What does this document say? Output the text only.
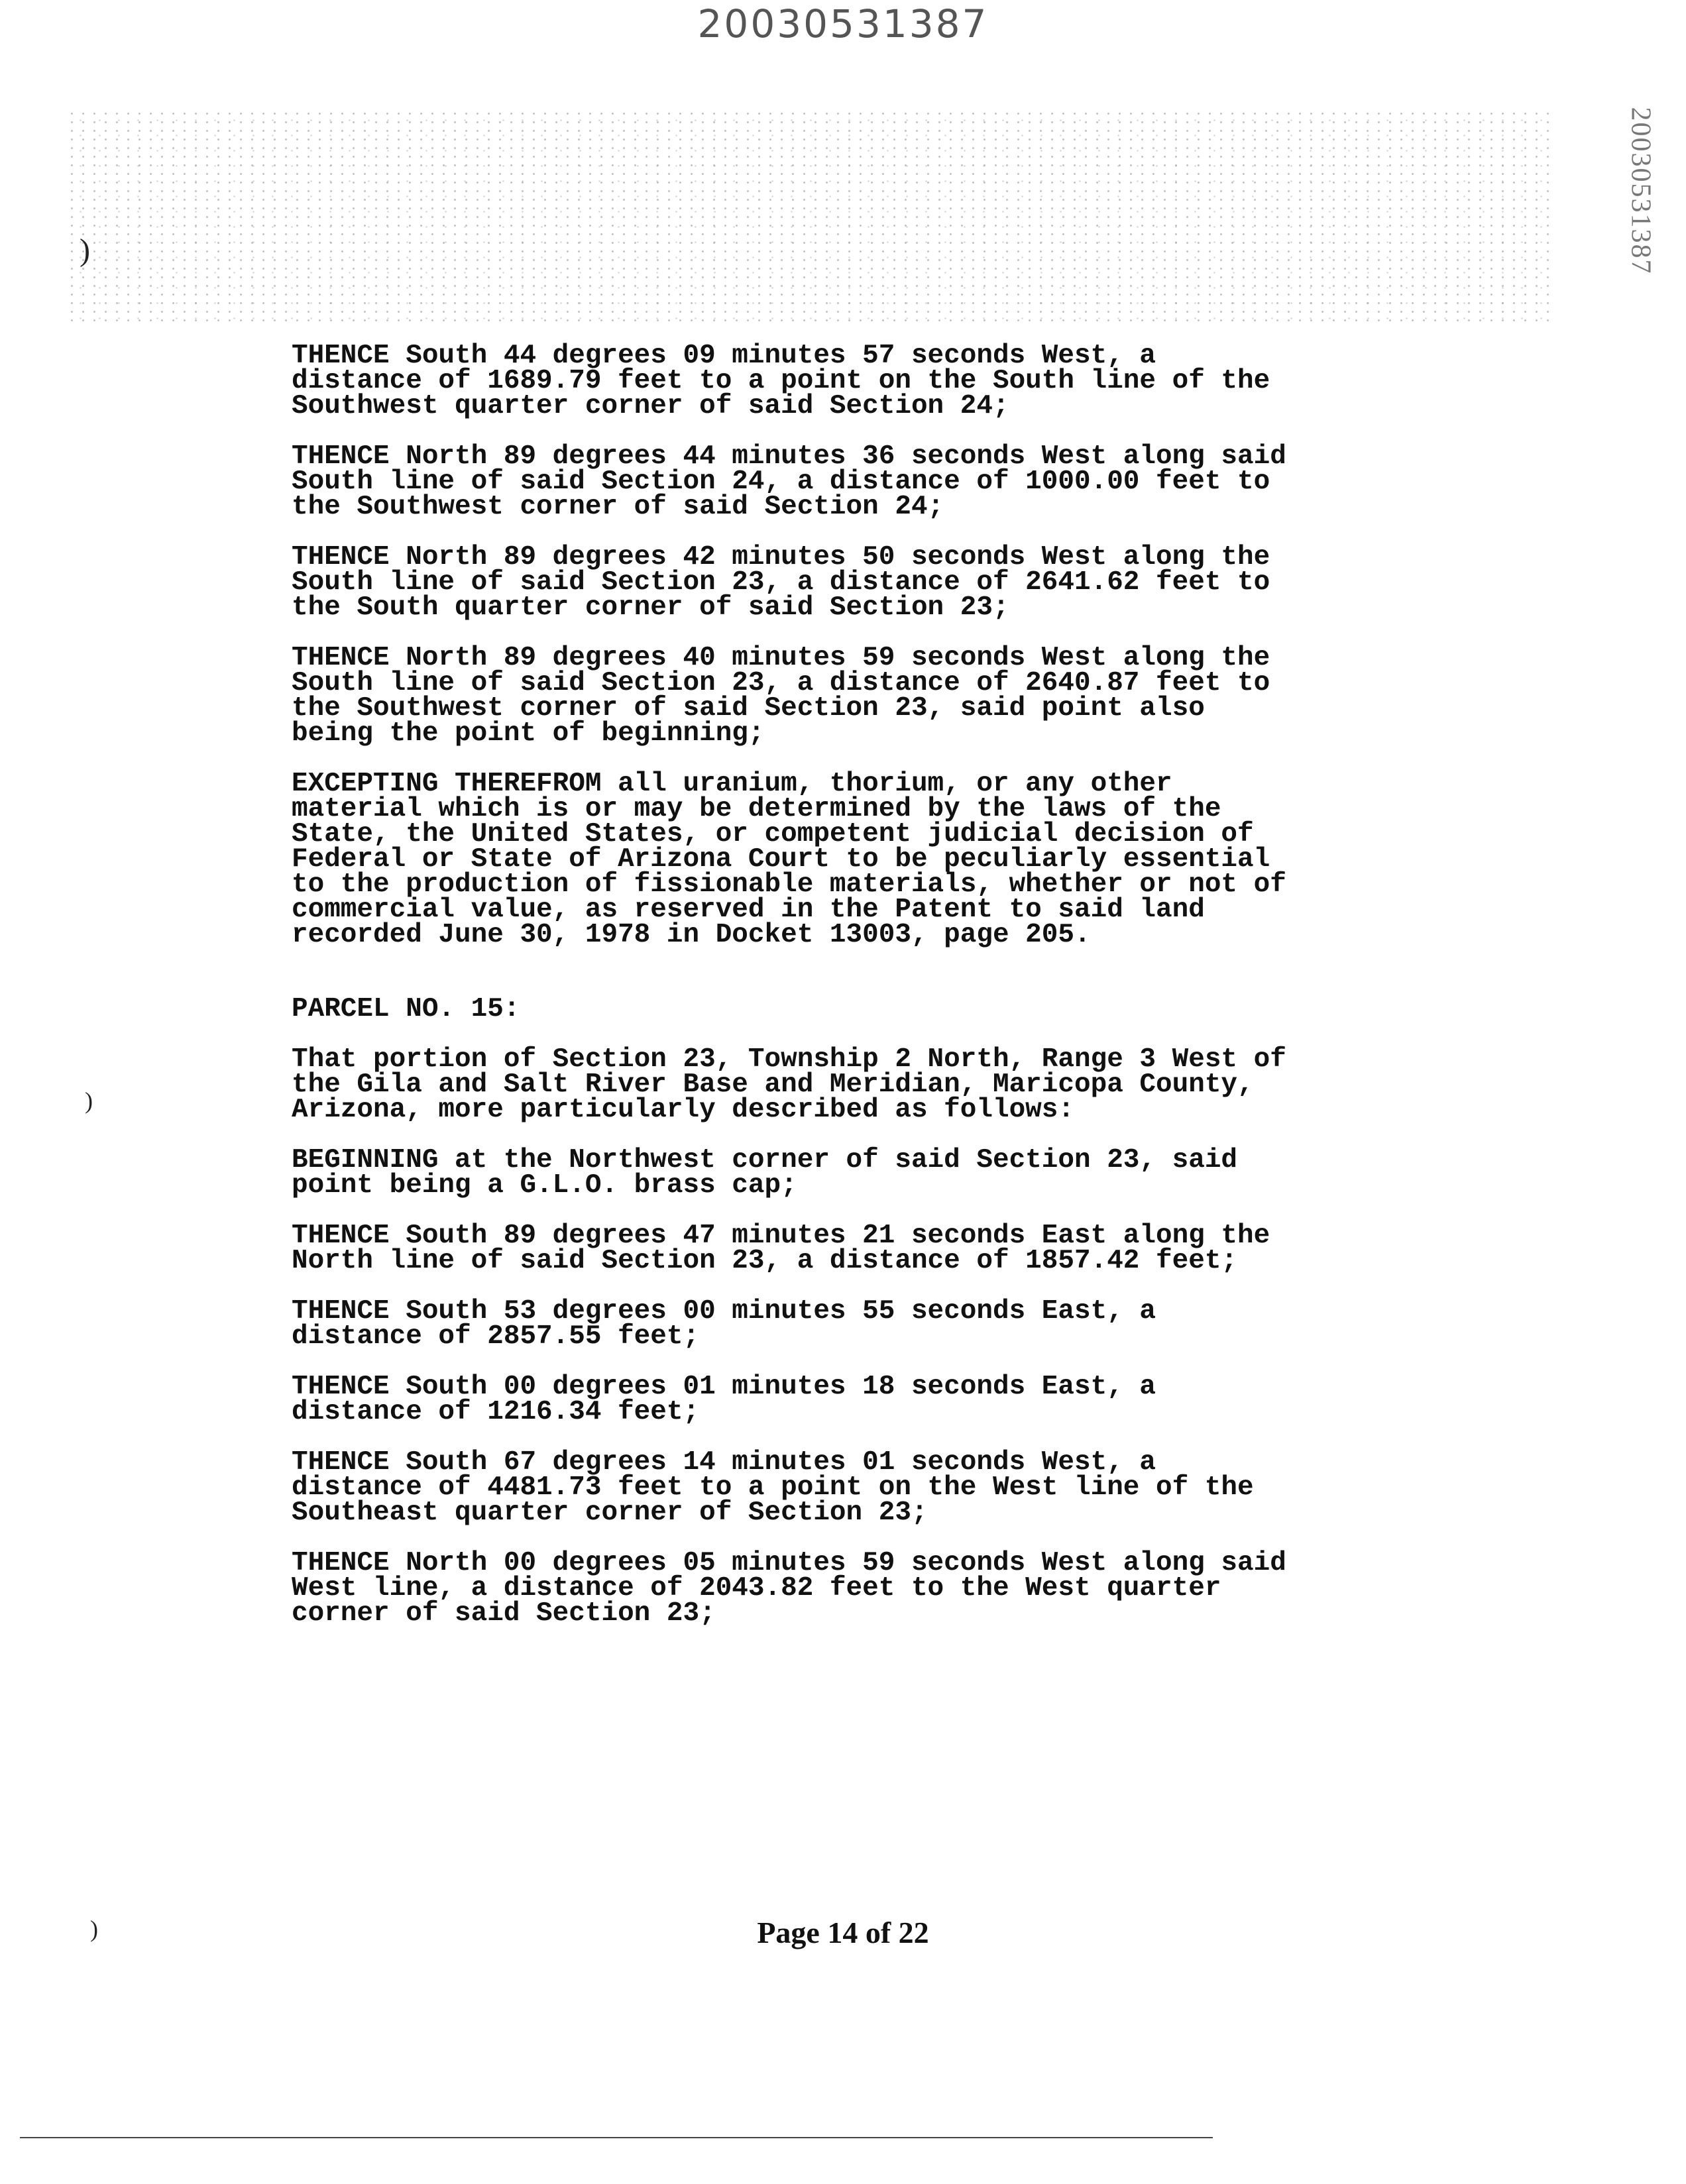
20030531387
20030531387
)
)
)

THENCE South 44 degrees 09 minutes 57 seconds West, a
distance of 1689.79 feet to a point on the South line of the
Southwest quarter corner of said Section 24;

THENCE North 89 degrees 44 minutes 36 seconds West along said
South line of said Section 24, a distance of 1000.00 feet to
the Southwest corner of said Section 24;

THENCE North 89 degrees 42 minutes 50 seconds West along the
South line of said Section 23, a distance of 2641.62 feet to
the South quarter corner of said Section 23;

THENCE North 89 degrees 40 minutes 59 seconds West along the
South line of said Section 23, a distance of 2640.87 feet to
the Southwest corner of said Section 23, said point also
being the point of beginning;

EXCEPTING THEREFROM all uranium, thorium, or any other
material which is or may be determined by the laws of the
State, the United States, or competent judicial decision of
Federal or State of Arizona Court to be peculiarly essential
to the production of fissionable materials, whether or not of
commercial value, as reserved in the Patent to said land
recorded June 30, 1978 in Docket 13003, page 205.

PARCEL NO. 15:

That portion of Section 23, Township 2 North, Range 3 West of
the Gila and Salt River Base and Meridian, Maricopa County,
Arizona, more particularly described as follows:

BEGINNING at the Northwest corner of said Section 23, said
point being a G.L.O. brass cap;

THENCE South 89 degrees 47 minutes 21 seconds East along the
North line of said Section 23, a distance of 1857.42 feet;

THENCE South 53 degrees 00 minutes 55 seconds East, a
distance of 2857.55 feet;

THENCE South 00 degrees 01 minutes 18 seconds East, a
distance of 1216.34 feet;

THENCE South 67 degrees 14 minutes 01 seconds West, a
distance of 4481.73 feet to a point on the West line of the
Southeast quarter corner of Section 23;

THENCE North 00 degrees 05 minutes 59 seconds West along said
West line, a distance of 2043.82 feet to the West quarter
corner of said Section 23;

Page 14 of 22
